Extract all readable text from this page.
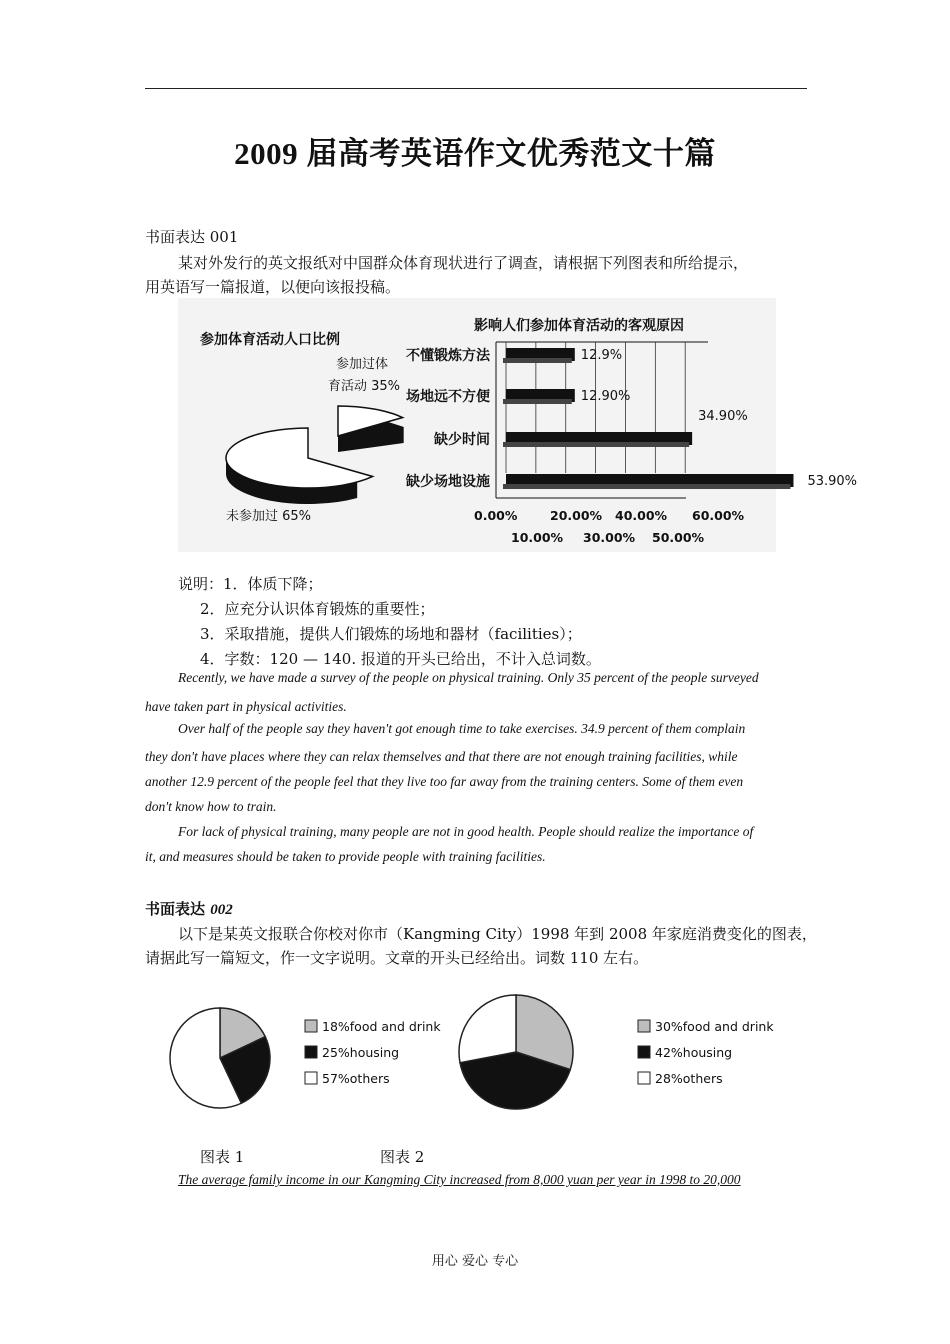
2009 届高考英语作文优秀范文十篇
书面表达 001
某对外发行的英文报纸对中国群众体育现状进行了调查，请根据下列图表和所给提示，
用英语写一篇报道，以便向该报投稿。
参加体育活动人口比例
参加过体
育活动 35%
未参加过 65%
影响人们参加体育活动的客观原因
不懂锻炼方法	12.9%
场地远不方便	12.90%
缺少时间
34.90%
缺少场地设施	53.90%
0.00%	20.00% 40.00% 60.00%
10.00% 30.00% 50.00%
说明：1．体质下降；
2．应充分认识体育锻炼的重要性；
3．采取措施，提供人们锻炼的场地和器材（facilities）；
4．字数：120 — 140. 报道的开头已给出，不计入总词数。
Recently, we have made a survey of the people on physical training. Only 35 percent of the people surveyed
have taken part in physical activities.
Over half of the people say they haven't got enough time to take exercises. 34.9 percent of them complain
they don't have places where they can relax themselves and that there are not enough training facilities, while
another 12.9 percent of the people feel that they live too far away from the training centers. Some of them even
don't know how to train.
For lack of physical training, many people are not in good health. People should realize the importance of
it, and measures should be taken to provide people with training facilities.
书面表达 002
以下是某英文报联合你校对你市（Kangming City）1998 年到 2008 年家庭消费变化的图表，
请据此写一篇短文，作一文字说明。文章的开头已经给出。词数 110 左右。
18%food and drink
25%housing
57%others
30%food and drink
42%housing
28%others
图表 1	图表 2
The average family income in our Kangming City increased from 8,000 yuan per year in 1998 to 20,000
用心 爱心 专心
